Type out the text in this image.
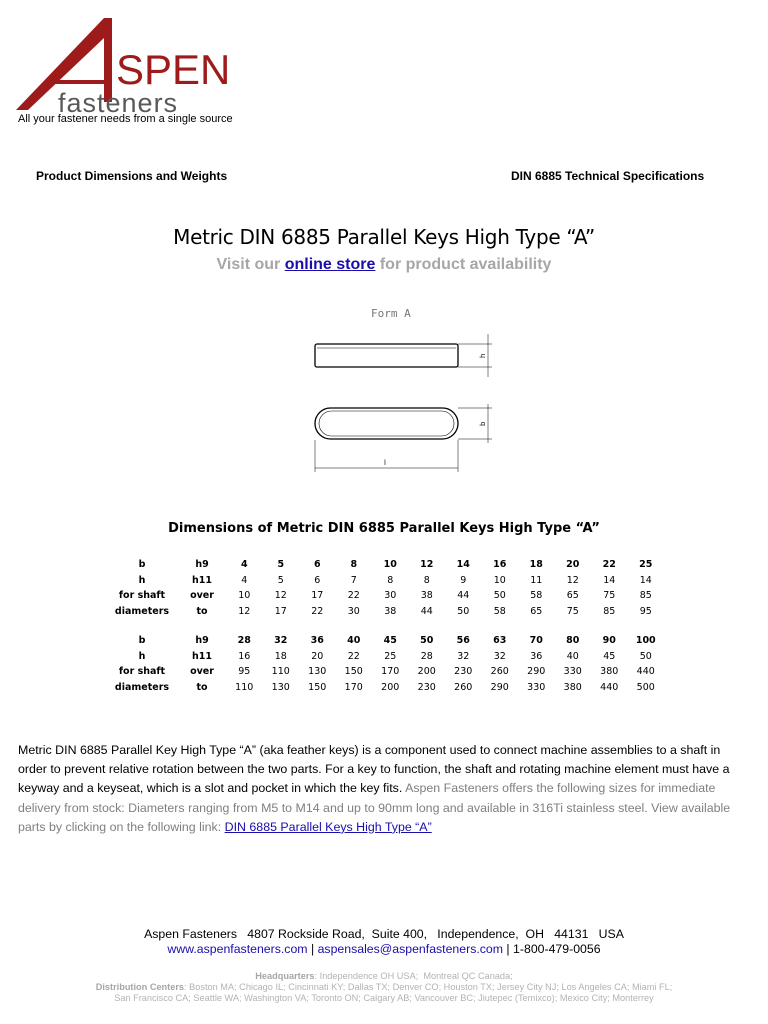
SPEN
fasteners
All your fastener needs from a single source
Product Dimensions and Weights	DIN 6885 Technical Specifications
Metric DIN 6885 Parallel Keys High Type “A”
Visit our online store for product availability
Form A
h
b
l
Dimensions of Metric DIN 6885 Parallel Keys High Type “A”
b	h9	4	5	6	8	10	12	14	16	18	20	22	25
h	h11	4	5	6	7	8	8	9	10	11	12	14	14
for shaft	over	10	12	17	22	30	38	44	50	58	65	75	85
diameters	to	12	17	22	30	38	44	50	58	65	75	85	95
b	h9	28	32	36	40	45	50	56	63	70	80	90	100
h	h11	16	18	20	22	25	28	32	32	36	40	45	50
for shaft	over	95	110	130	150	170	200	230	260	290	330	380	440
diameters	to	110	130	150	170	200	230	260	290	330	380	440	500
Metric DIN 6885 Parallel Key High Type “A” (aka feather keys) is a component used to connect machine assemblies to a shaft in order to prevent relative rotation between the two parts. For a key to function, the shaft and rotating machine element must have a keyway and a keyseat, which is a slot and pocket in which the key fits. Aspen Fasteners offers the following sizes for immediate delivery from stock: Diameters ranging from M5 to M14 and up to 90mm long and available in 316Ti stainless steel. View available parts by clicking on the following link: DIN 6885 Parallel Keys High Type “A”
Aspen Fasteners   4807 Rockside Road,  Suite 400,   Independence,  OH   44131   USA
www.aspenfasteners.com | aspensales@aspenfasteners.com | 1-800-479-0056
Headquarters: Independence OH USA;  Montreal QC Canada;
Distribution Centers: Boston MA; Chicago IL; Cincinnati KY; Dallas TX; Denver CO; Houston TX; Jersey City NJ; Los Angeles CA; Miami FL;
San Francisco CA; Seattle WA; Washington VA; Toronto ON; Calgary AB; Vancouver BC; Jiutepec (Temixco); Mexico City; Monterrey
